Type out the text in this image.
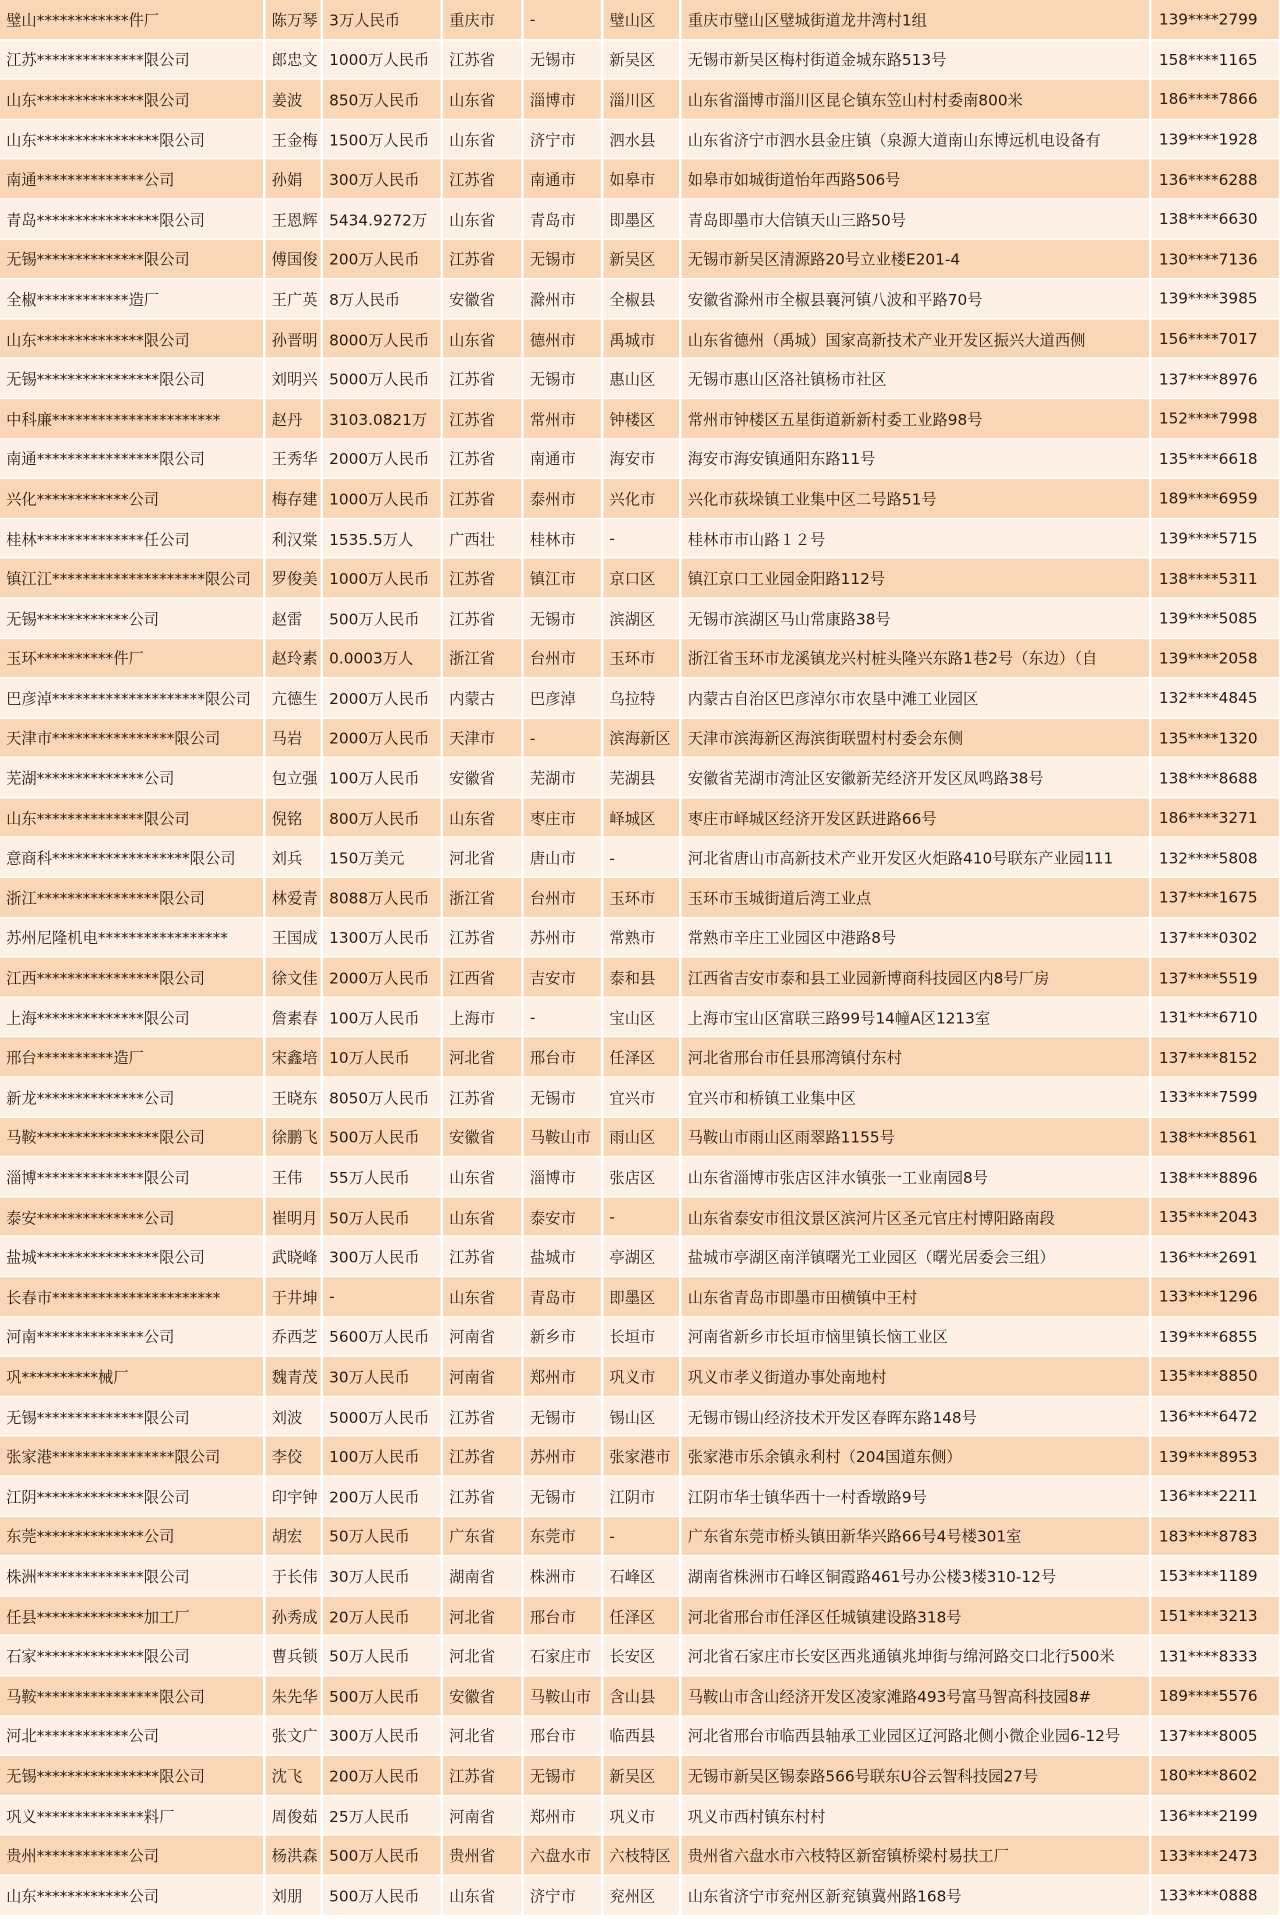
璧山************件厂	陈万琴	3万人民币	重庆市	-	璧山区	重庆市璧山区璧城街道龙井湾村1组	139****2799
江苏**************限公司	郎忠文	1000万人民币	江苏省	无锡市	新吴区	无锡市新吴区梅村街道金城东路513号	158****1165
山东**************限公司	姜波	850万人民币	山东省	淄博市	淄川区	山东省淄博市淄川区昆仑镇东笠山村村委南800米	186****7866
山东****************限公司	王金梅	1500万人民币	山东省	济宁市	泗水县	山东省济宁市泗水县金庄镇（泉源大道南山东博远机电设备有	139****1928
南通**************公司	孙娟	300万人民币	江苏省	南通市	如皋市	如皋市如城街道怡年西路506号	136****6288
青岛****************限公司	王恩辉	5434.9272万	山东省	青岛市	即墨区	青岛即墨市大信镇天山三路50号	138****6630
无锡**************限公司	傅国俊	200万人民币	江苏省	无锡市	新吴区	无锡市新吴区清源路20号立业楼E201-4	130****7136
全椒************造厂	王广英	8万人民币	安徽省	滁州市	全椒县	安徽省滁州市全椒县襄河镇八波和平路70号	139****3985
山东**************限公司	孙晋明	8000万人民币	山东省	德州市	禹城市	山东省德州（禹城）国家高新技术产业开发区振兴大道西侧	156****7017
无锡****************限公司	刘明兴	5000万人民币	江苏省	无锡市	惠山区	无锡市惠山区洛社镇杨市社区	137****8976
中科廉**********************	赵丹	3103.0821万	江苏省	常州市	钟楼区	常州市钟楼区五星街道新新村委工业路98号	152****7998
南通****************限公司	王秀华	2000万人民币	江苏省	南通市	海安市	海安市海安镇通阳东路11号	135****6618
兴化************公司	梅存建	1000万人民币	江苏省	泰州市	兴化市	兴化市荻垛镇工业集中区二号路51号	189****6959
桂林**************任公司	利汉棠	1535.5万人	广西壮	桂林市	-	桂林市市山路１２号	139****5715
镇江江********************限公司	罗俊美	1000万人民币	江苏省	镇江市	京口区	镇江京口工业园金阳路112号	138****5311
无锡************公司	赵雷	500万人民币	江苏省	无锡市	滨湖区	无锡市滨湖区马山常康路38号	139****5085
玉环**********件厂	赵玲素	0.0003万人	浙江省	台州市	玉环市	浙江省玉环市龙溪镇龙兴村桩头隆兴东路1巷2号（东边）（自	139****2058
巴彦淖********************限公司	亢德生	2000万人民币	内蒙古	巴彦淖	乌拉特	内蒙古自治区巴彦淖尔市农垦中滩工业园区	132****4845
天津市****************限公司	马岩	2000万人民币	天津市	-	滨海新区	天津市滨海新区海滨街联盟村村委会东侧	135****1320
芜湖**************公司	包立强	100万人民币	安徽省	芜湖市	芜湖县	安徽省芜湖市湾沚区安徽新芜经济开发区凤鸣路38号	138****8688
山东**************限公司	倪铭	800万人民币	山东省	枣庄市	峄城区	枣庄市峄城区经济开发区跃进路66号	186****3271
意商科******************限公司	刘兵	150万美元	河北省	唐山市	-	河北省唐山市高新技术产业开发区火炬路410号联东产业园111	132****5808
浙江****************限公司	林爱青	8088万人民币	浙江省	台州市	玉环市	玉环市玉城街道后湾工业点	137****1675
苏州尼隆机电*****************	王国成	1300万人民币	江苏省	苏州市	常熟市	常熟市辛庄工业园区中港路8号	137****0302
江西****************限公司	徐文佳	2000万人民币	江西省	吉安市	泰和县	江西省吉安市泰和县工业园新博商科技园区内8号厂房	137****5519
上海**************限公司	詹素春	100万人民币	上海市	-	宝山区	上海市宝山区富联三路99号14幢A区1213室	131****6710
邢台**********造厂	宋鑫培	10万人民币	河北省	邢台市	任泽区	河北省邢台市任县邢湾镇付东村	137****8152
新龙**************公司	王晓东	8050万人民币	江苏省	无锡市	宜兴市	宜兴市和桥镇工业集中区	133****7599
马鞍****************限公司	徐鹏飞	500万人民币	安徽省	马鞍山市	雨山区	马鞍山市雨山区雨翠路1155号	138****8561
淄博**************限公司	王伟	55万人民币	山东省	淄博市	张店区	山东省淄博市张店区沣水镇张一工业南园8号	138****8896
泰安**************公司	崔明月	50万人民币	山东省	泰安市	-	山东省泰安市徂汶景区滨河片区圣元官庄村博阳路南段	135****2043
盐城****************限公司	武晓峰	300万人民币	江苏省	盐城市	亭湖区	盐城市亭湖区南洋镇曙光工业园区（曙光居委会三组）	136****2691
长春市**********************	于井坤	-	山东省	青岛市	即墨区	山东省青岛市即墨市田横镇中王村	133****1296
河南**************公司	乔西芝	5600万人民币	河南省	新乡市	长垣市	河南省新乡市长垣市恼里镇长恼工业区	139****6855
巩**********械厂	魏青茂	30万人民币	河南省	郑州市	巩义市	巩义市孝义街道办事处南地村	135****8850
无锡**************限公司	刘波	5000万人民币	江苏省	无锡市	锡山区	无锡市锡山经济技术开发区春晖东路148号	136****6472
张家港****************限公司	李佼	100万人民币	江苏省	苏州市	张家港市	张家港市乐余镇永利村（204国道东侧）	139****8953
江阴**************限公司	印宇钟	200万人民币	江苏省	无锡市	江阴市	江阴市华士镇华西十一村香墩路9号	136****2211
东莞**************公司	胡宏	50万人民币	广东省	东莞市	-	广东省东莞市桥头镇田新华兴路66号4号楼301室	183****8783
株洲**************限公司	于长伟	30万人民币	湖南省	株洲市	石峰区	湖南省株洲市石峰区铜霞路461号办公楼3楼310-12号	153****1189
任县**************加工厂	孙秀成	20万人民币	河北省	邢台市	任泽区	河北省邢台市任泽区任城镇建设路318号	151****3213
石家**************限公司	曹兵锁	50万人民币	河北省	石家庄市	长安区	河北省石家庄市长安区西兆通镇兆坤街与绵河路交口北行500米	131****8333
马鞍****************限公司	朱先华	500万人民币	安徽省	马鞍山市	含山县	马鞍山市含山经济开发区凌家滩路493号富马智高科技园8#	189****5576
河北************公司	张文广	300万人民币	河北省	邢台市	临西县	河北省邢台市临西县轴承工业园区辽河路北侧小微企业园6-12号	137****8005
无锡****************限公司	沈飞	200万人民币	江苏省	无锡市	新吴区	无锡市新吴区锡泰路566号联东U谷云智科技园27号	180****8602
巩义**************料厂	周俊茹	25万人民币	河南省	郑州市	巩义市	巩义市西村镇东村村	136****2199
贵州************公司	杨洪森	500万人民币	贵州省	六盘水市	六枝特区	贵州省六盘水市六枝特区新窑镇桥梁村易扶工厂	133****2473
山东************公司	刘朋	500万人民币	山东省	济宁市	兖州区	山东省济宁市兖州区新兖镇冀州路168号	133****0888
